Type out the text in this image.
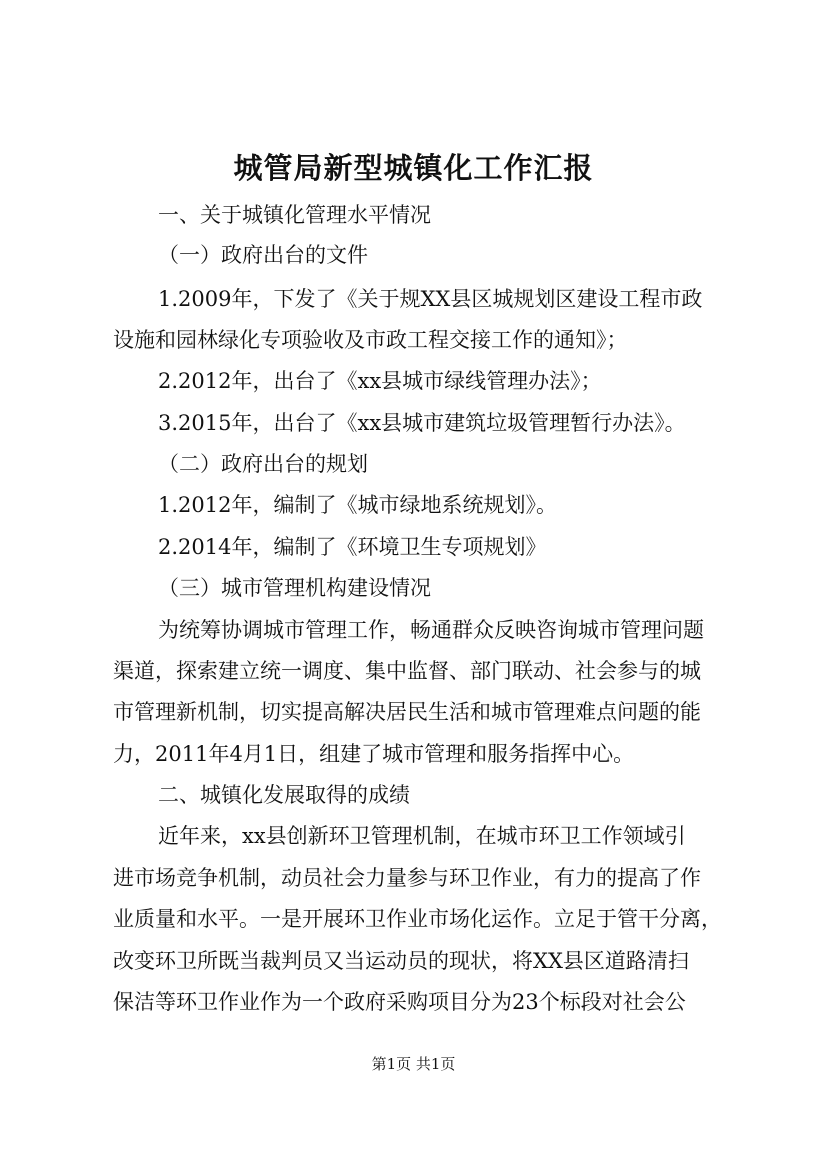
城管局新型城镇化工作汇报
一、关于城镇化管理水平情况
（一）政府出台的文件
1.2009年，下发了《关于规XX县区城规划区建设工程市政
设施和园林绿化专项验收及市政工程交接工作的通知》；
2.2012年，出台了《xx县城市绿线管理办法》；
3.2015年，出台了《xx县城市建筑垃圾管理暂行办法》。
（二）政府出台的规划
1.2012年，编制了《城市绿地系统规划》。
2.2014年，编制了《环境卫生专项规划》
（三）城市管理机构建设情况
为统筹协调城市管理工作，畅通群众反映咨询城市管理问题
渠道，探索建立统一调度、集中监督、部门联动、社会参与的城
市管理新机制，切实提高解决居民生活和城市管理难点问题的能
力，2011年4月1日，组建了城市管理和服务指挥中心。
二、城镇化发展取得的成绩
近年来，xx县创新环卫管理机制，在城市环卫工作领域引
进市场竞争机制，动员社会力量参与环卫作业，有力的提高了作
业质量和水平。一是开展环卫作业市场化运作。立足于管干分离，
改变环卫所既当裁判员又当运动员的现状，将XX县区道路清扫
保洁等环卫作业作为一个政府采购项目分为23个标段对社会公
第1页 共1页
